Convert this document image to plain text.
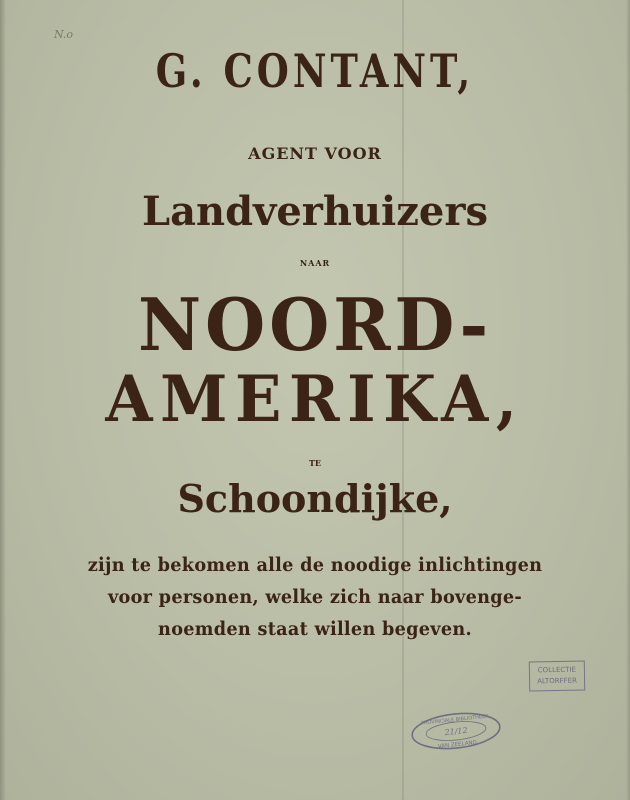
N.o
G. CONTANT,
AGENT VOOR
Landverhuizers
NAAR
NOORD-
AMERIKA,
TE
Schoondijke,
zijn te bekomen alle de noodige inlichtingen
voor personen, welke zich naar bovenge-
noemden staat willen begeven.
COLLECTIE
ALTORFFER
PROVINCIALE BIBLIOTHEEK
21/12
VAN ZEELAND
